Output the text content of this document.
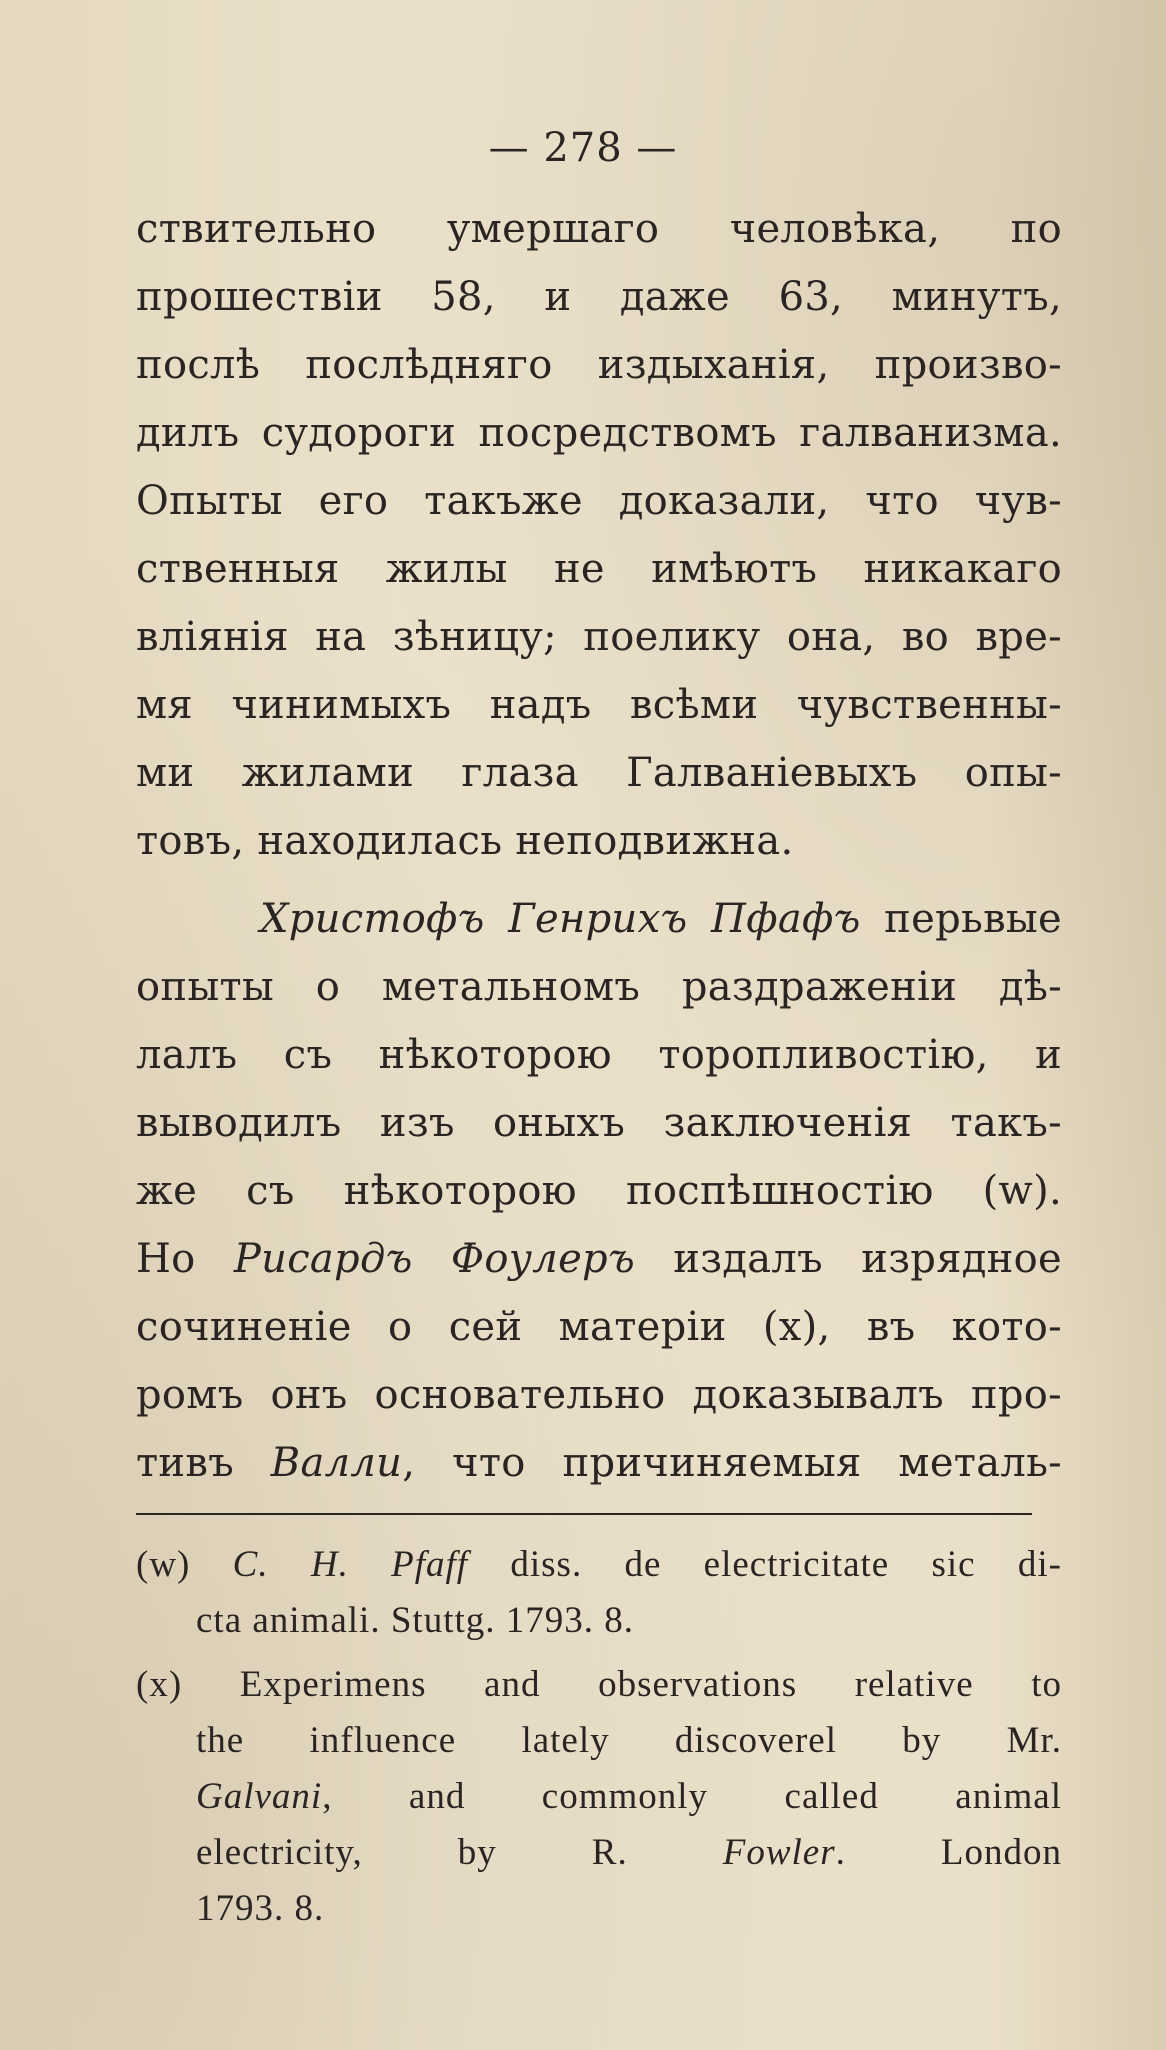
— 278 —
ствительно умершаго человѣка, по
прошествіи 58, и даже 63, минутъ,
послѣ послѣдняго издыханія, произво-
дилъ судороги посредствомъ галванизма.
Опыты его такъже доказали, что чув-
ственныя жилы не имѣютъ никакаго
вліянія на зѣницу; поелику она, во вре-
мя чинимыхъ надъ всѣми чувственны-
ми жилами глаза Галваніевыхъ опы-
товъ, находилась неподвижна.
Христофъ Генрихъ Пфафъ перьвые
опыты о метальномъ раздраженіи дѣ-
лалъ съ нѣкоторою торопливостію, и
выводилъ изъ оныхъ заключенія такъ-
же съ нѣкоторою поспѣшностію (w).
Но Рисардъ Фоулеръ издалъ изрядное
сочиненіе о сей матеріи (x), въ кото-
ромъ онъ основательно доказывалъ про-
тивъ Валли, что причиняемыя металь-
(w) C. H. Pfaff diss. de electricitate sic di-
cta animali. Stuttg. 1793. 8.
(x) Experimens and observations relative to
the influence lately discoverel by Mr.
Galvani, and commonly called animal
electricity, by R. Fowler. London
1793. 8.
